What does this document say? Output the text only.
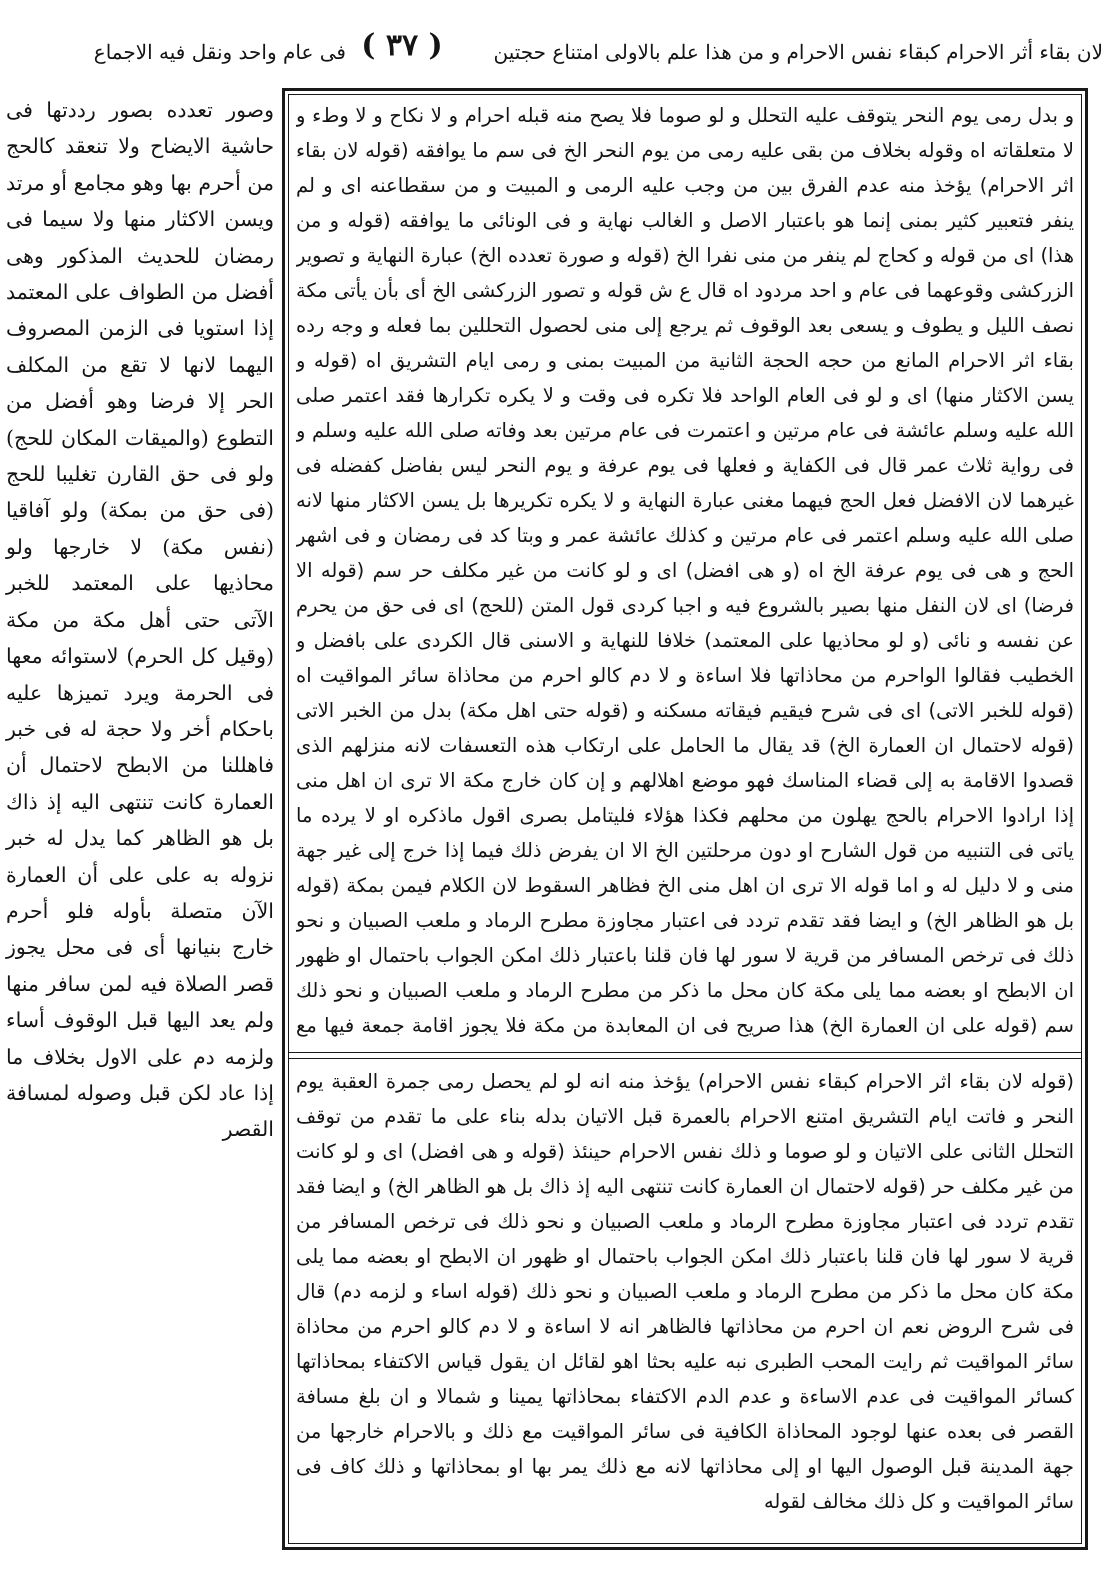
لان بقاء أثر الاحرام كبقاء نفس الاحرام و من هذا علم بالاولى امتناع حجتين
( ٣٧ )
فى عام واحد ونقل فيه الاجماع
وصور تعدده بصور رددتها فى حاشية الايضاح ولا تنعقد كالحج من أحرم بها وهو مجامع أو مرتد ويسن الاكثار منها ولا سيما فى رمضان للحديث المذكور وهى أفضل من الطواف على المعتمد إذا استويا فى الزمن المصروف اليهما لانها لا تقع من المكلف الحر إلا فرضا وهو أفضل من التطوع (والميقات المكان للحج) ولو فى حق القارن تغليبا للحج (فى حق من بمكة) ولو آفاقيا (نفس مكة) لا خارجها ولو محاذيها على المعتمد للخبر الآتى حتى أهل مكة من مكة (وقيل كل الحرم) لاستوائه معها فى الحرمة ويرد تميزها عليه باحكام أخر ولا حجة له فى خبر فاهللنا من الابطح لاحتمال أن العمارة كانت تنتهى اليه إذ ذاك بل هو الظاهر كما يدل له خبر نزوله به على على أن العمارة الآن متصلة بأوله فلو أحرم خارج بنيانها أى فى محل يجوز قصر الصلاة فيه لمن سافر منها ولم يعد اليها قبل الوقوف أساء ولزمه دم على الاول بخلاف ما إذا عاد لكن قبل وصوله لمسافة القصر
و بدل رمى يوم النحر يتوقف عليه التحلل و لو صوما فلا يصح منه قبله احرام و لا نكاح و لا وطء و لا متعلقاته اه وقوله بخلاف من بقى عليه رمى من يوم النحر الخ فى سم ما يوافقه (قوله لان بقاء اثر الاحرام) يؤخذ منه عدم الفرق بين من وجب عليه الرمى و المبيت و من سقطاعنه اى و لم ينفر فتعبير كثير بمنى إنما هو باعتبار الاصل و الغالب نهاية و فى الونائى ما يوافقه (قوله و من هذا) اى من قوله و كحاج لم ينفر من منى نفرا الخ (قوله و صورة تعدده الخ) عبارة النهاية و تصوير الزركشى وقوعهما فى عام و احد مردود اه قال ع ش قوله و تصور الزركشى الخ أى بأن يأتى مكة نصف الليل و يطوف و يسعى بعد الوقوف ثم يرجع إلى منى لحصول التحللين بما فعله و وجه رده بقاء اثر الاحرام المانع من حجه الحجة الثانية من المبيت بمنى و رمى ايام التشريق اه (قوله و يسن الاكثار منها) اى و لو فى العام الواحد فلا تكره فى وقت و لا يكره تكرارها فقد اعتمر صلى الله عليه وسلم عائشة فى عام مرتين و اعتمرت فى عام مرتين بعد وفاته صلى الله عليه وسلم و فى رواية ثلاث عمر قال فى الكفاية و فعلها فى يوم عرفة و يوم النحر ليس بفاضل كفضله فى غيرهما لان الافضل فعل الحج فيهما مغنى عبارة النهاية و لا يكره تكريرها بل يسن الاكثار منها لانه صلى الله عليه وسلم اعتمر فى عام مرتين و كذلك عائشة عمر و وبتا كد فى رمضان و فى اشهر الحج و هى فى يوم عرفة الخ اه (و هى افضل) اى و لو كانت من غير مكلف حر سم (قوله الا فرضا) اى لان النفل منها بصير بالشروع فيه و اجبا كردى قول المتن (للحج) اى فى حق من يحرم عن نفسه و نائى (و لو محاذيها على المعتمد) خلافا للنهاية و الاسنى قال الكردى على بافضل و الخطيب فقالوا الواحرم من محاذاتها فلا اساءة و لا دم كالو احرم من محاذاة سائر المواقيت اه (قوله للخبر الاتى) اى فى شرح فيقيم فيقاته مسكنه و (قوله حتى اهل مكة) بدل من الخبر الاتى (قوله لاحتمال ان العمارة الخ) قد يقال ما الحامل على ارتكاب هذه التعسفات لانه منزلهم الذى قصدوا الاقامة به إلى قضاء المناسك فهو موضع اهلالهم و إن كان خارج مكة الا ترى ان اهل منى إذا ارادوا الاحرام بالحج يهلون من محلهم فكذا هؤلاء فليتامل بصرى اقول ماذكره او لا يرده ما ياتى فى التنبيه من قول الشارح او دون مرحلتين الخ الا ان يفرض ذلك فيما إذا خرج إلى غير جهة منى و لا دليل له و اما قوله الا ترى ان اهل منى الخ فظاهر السقوط لان الكلام فيمن بمكة (قوله بل هو الظاهر الخ) و ايضا فقد تقدم تردد فى اعتبار مجاوزة مطرح الرماد و ملعب الصبيان و نحو ذلك فى ترخص المسافر من قرية لا سور لها فان قلنا باعتبار ذلك امكن الجواب باحتمال او ظهور ان الابطح او بعضه مما يلى مكة كان محل ما ذكر من مطرح الرماد و ملعب الصبيان و نحو ذلك سم (قوله على ان العمارة الخ) هذا صريح فى ان المعابدة من مكة فلا يجوز اقامة جمعة فيها مع
(قوله لان بقاء اثر الاحرام كبقاء نفس الاحرام) يؤخذ منه انه لو لم يحصل رمى جمرة العقبة يوم النحر و فاتت ايام التشريق امتنع الاحرام بالعمرة قبل الاتيان بدله بناء على ما تقدم من توقف التحلل الثانى على الاتيان و لو صوما و ذلك نفس الاحرام حينئذ (قوله و هى افضل) اى و لو كانت من غير مكلف حر (قوله لاحتمال ان العمارة كانت تنتهى اليه إذ ذاك بل هو الظاهر الخ) و ايضا فقد تقدم تردد فى اعتبار مجاوزة مطرح الرماد و ملعب الصبيان و نحو ذلك فى ترخص المسافر من قرية لا سور لها فان قلنا باعتبار ذلك امكن الجواب باحتمال او ظهور ان الابطح او بعضه مما يلى مكة كان محل ما ذكر من مطرح الرماد و ملعب الصبيان و نحو ذلك (قوله اساء و لزمه دم) قال فى شرح الروض نعم ان احرم من محاذاتها فالظاهر انه لا اساءة و لا دم كالو احرم من محاذاة سائر المواقيت ثم رايت المحب الطبرى نبه عليه بحثا اهو لقائل ان يقول قياس الاكتفاء بمحاذاتها كسائر المواقيت فى عدم الاساءة و عدم الدم الاكتفاء بمحاذاتها يمينا و شمالا و ان بلغ مسافة القصر فى بعده عنها لوجود المحاذاة الكافية فى سائر المواقيت مع ذلك و بالاحرام خارجها من جهة المدينة قبل الوصول اليها او إلى محاذاتها لانه مع ذلك يمر بها او بمحاذاتها و ذلك كاف فى سائر المواقيت و كل ذلك مخالف لقوله
